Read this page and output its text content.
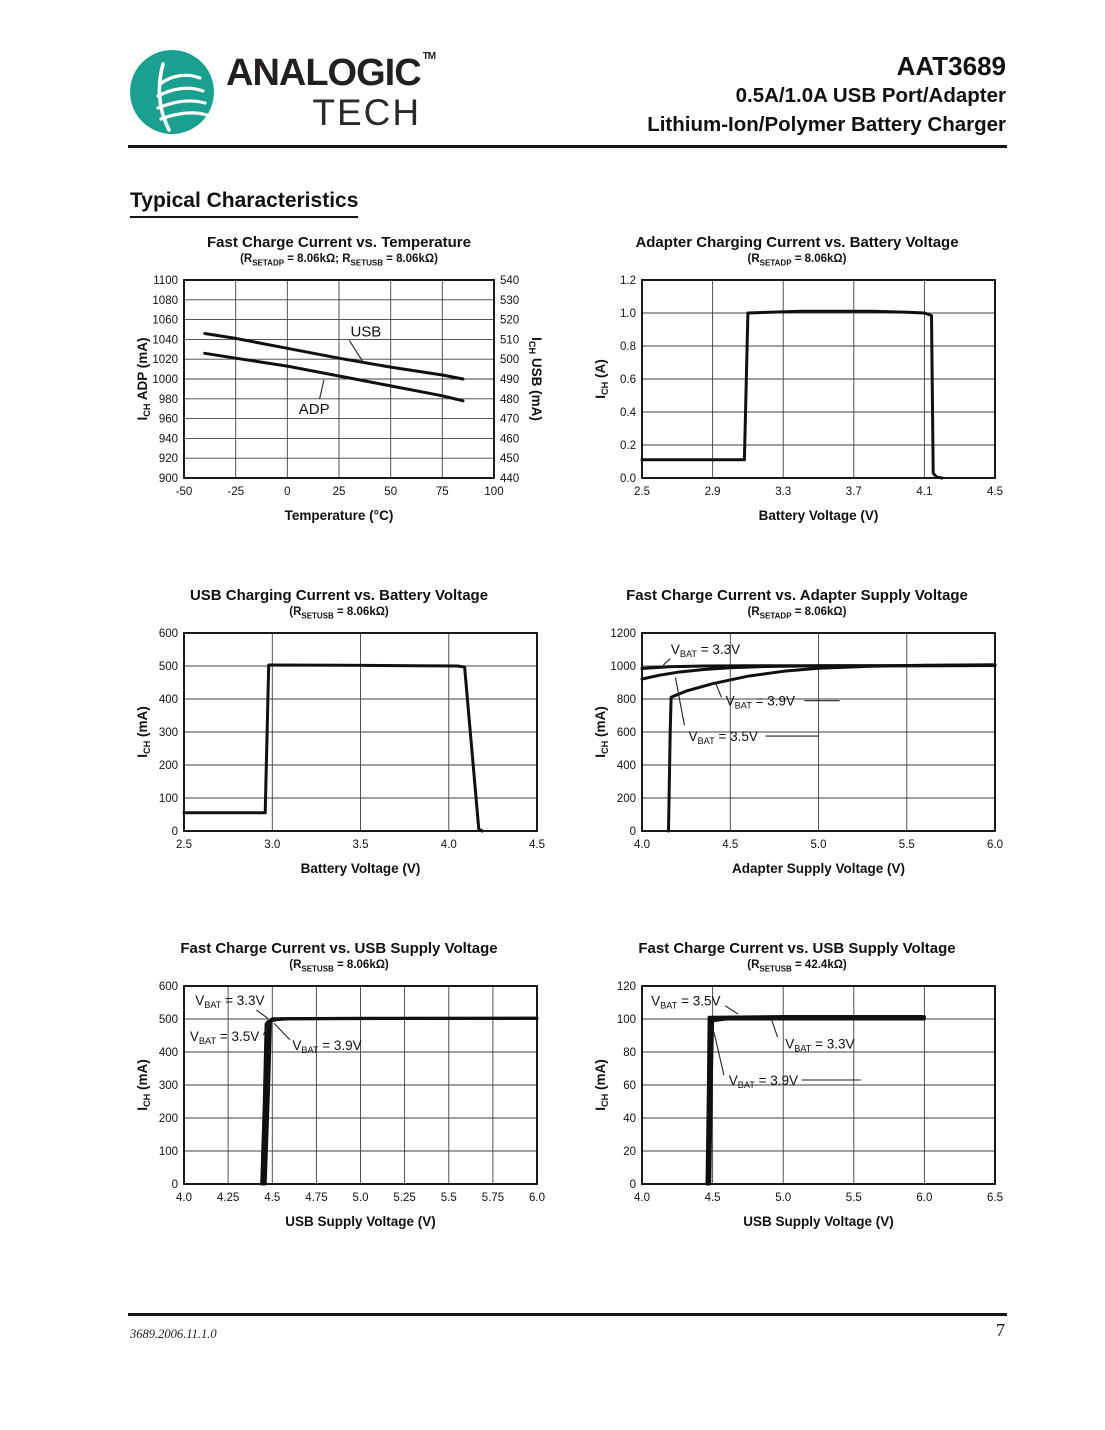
ANALOGIC TM
TECH
AAT3689
0.5A/1.0A USB Port/Adapter
Lithium-Ion/Polymer Battery Charger
Typical Characteristics
Fast Charge Current vs. Temperature
($R_{SETADP} = 8.06k\Omega$; $R_{SETUSB} = 8.06k\Omega$)
-50	-25	0	25	50	75	100
900
920
940
960
980
1000
1020
1040
1060
1080
1100
440
450
460
470
480
490
500
510
520
530
540
USB
ADP
Temperature (°C)
$I_{CH}$ ADP (mA)	$I_{CH}$ USB (mA)
Adapter Charging Current vs. Battery Voltage
$(R_{SETADP} = 8.06k\Omega)$
2.5	2.9	3.3	3.7	4.1	4.5
0.0
0.2
0.4
0.6
0.8
1.0
1.2
Battery Voltage (V)
$I_{CH}$ (A)
USB Charging Current vs. Battery Voltage
$(R_{SETUSB} = 8.06k\Omega)$
2.5	3.0	3.5	4.0	4.5
0
100
200
300
400
500
600
Battery Voltage (V)
$I_{CH}$ (mA)
Fast Charge Current vs. Adapter Supply Voltage
$(R_{SETADP} = 8.06k\Omega)$
4.0	4.5	5.0	5.5	6.0
0
200
400
600
800
1000
1200
$V_{BAT} = 3.3V$
$V_{BAT} = 3.9V$
$V_{BAT} = 3.5V$
Adapter Supply Voltage (V)
$I_{CH}$ (mA)
Fast Charge Current vs. USB Supply Voltage
$(R_{SETUSB} = 8.06k\Omega)$
4.0 4.25 4.5 4.75 5.0 5.25 5.5 5.75 6.0
0
100
200
300
400
500
600
$V_{BAT} = 3.3V$
$V_{BAT} = 3.5V$
$V_{BAT} = 3.9V$
USB Supply Voltage (V)
$I_{CH}$ (mA)
Fast Charge Current vs. USB Supply Voltage
$(R_{SETUSB} = 42.4k\Omega)$
4.0	4.5	5.0	5.5	6.0	6.5
0
20
40
60
80
100
120
$V_{BAT} = 3.5V$
$V_{BAT} = 3.3V$
$V_{BAT} = 3.9V$
USB Supply Voltage (V)
$I_{CH}$ (mA)
3689.2006.11.1.0	7
